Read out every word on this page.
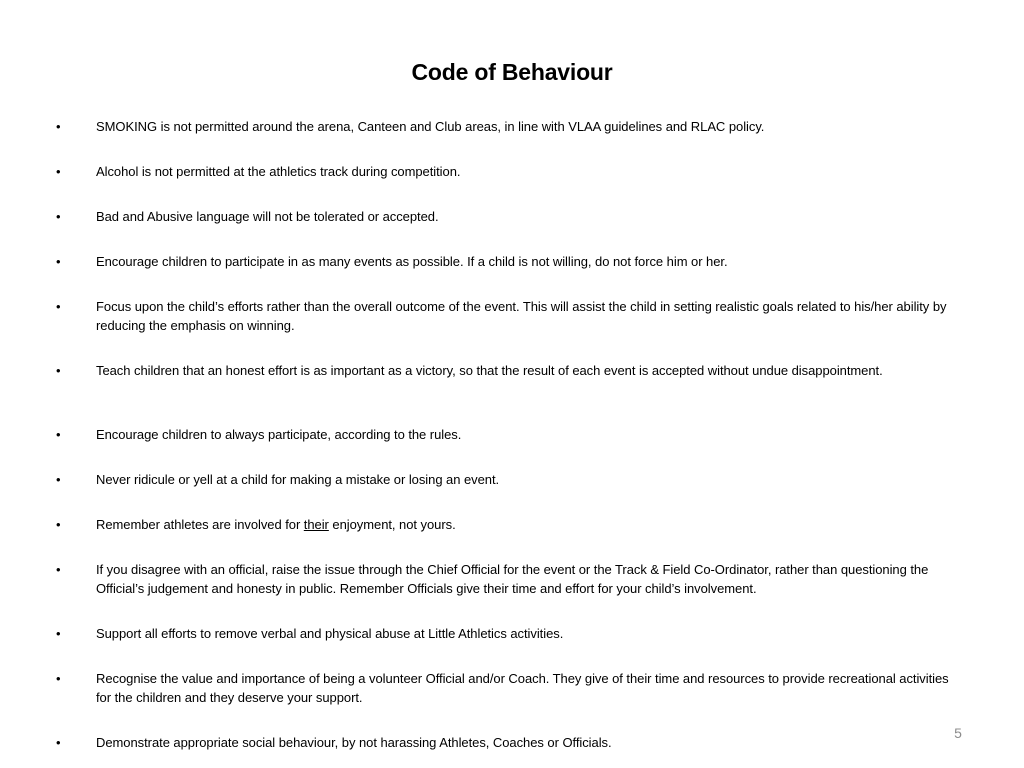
Code of Behaviour
•	SMOKING is not permitted around the arena, Canteen and Club areas, in line with VLAA guidelines and RLAC policy.
•	Alcohol is not permitted at the athletics track during competition.
•	Bad and Abusive language will not be tolerated or accepted.
•	Encourage children to participate in as many events as possible. If a child is not willing, do not force him or her.
•	Focus upon the child’s efforts rather than the overall outcome of the event. This will assist the child in setting realistic goals related to his/her ability by reducing the emphasis on winning.
•	Teach children that an honest effort is as important as a victory, so that the result of each event is accepted without undue disappointment.
•	Encourage children to always participate, according to the rules.
•	Never ridicule or yell at a child for making a mistake or losing an event.
•	Remember athletes are involved for their enjoyment, not yours.
•	If you disagree with an official, raise the issue through the Chief Official for the event or the Track & Field Co-Ordinator, rather than questioning the Official’s judgement and honesty in public. Remember Officials give their time and effort for your child’s involvement.
•	Support all efforts to remove verbal and physical abuse at Little Athletics activities.
•	Recognise the value and importance of being a volunteer Official and/or Coach. They give of their time and resources to provide recreational activities for the children and they deserve your support.
•	Demonstrate appropriate social behaviour, by not harassing Athletes, Coaches or Officials.
5
